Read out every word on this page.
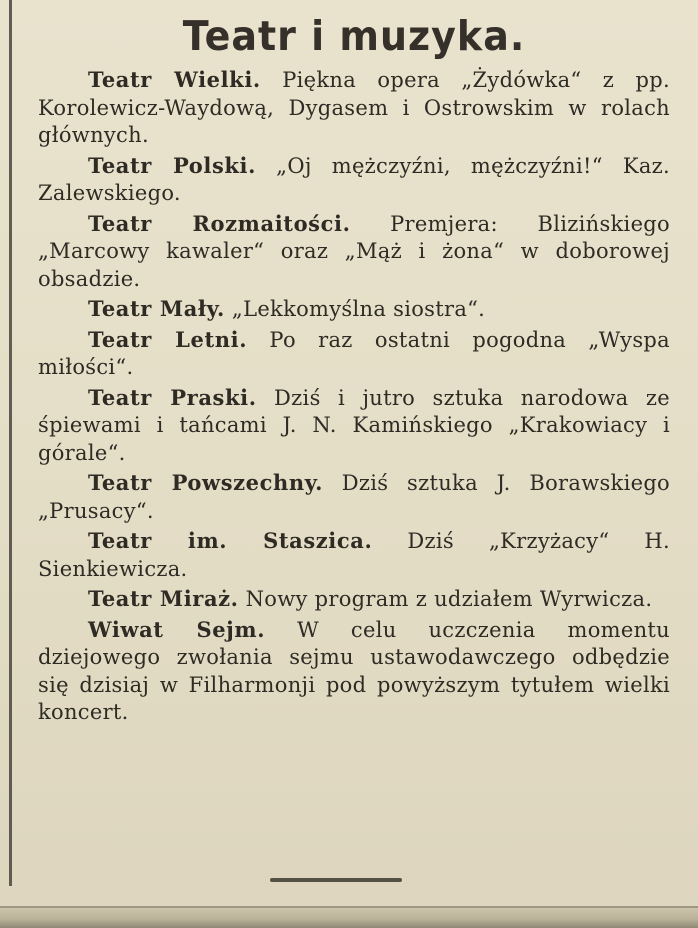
Teatr i muzyka.

Teatr Wielki. Piękna opera „Żydówka“ z pp. Korolewicz-Waydową, Dygasem i Ostrowskim w rolach głównych.

Teatr Polski. „Oj mężczyźni, mężczyźni!“ Kaz. Zalewskiego.

Teatr Rozmaitości. Premjera: Blizińskiego „Marcowy kawaler“ oraz „Mąż i żona“ w doborowej obsadzie.

Teatr Mały. „Lekkomyślna siostra“.

Teatr Letni. Po raz ostatni pogodna „Wyspa miłości“.

Teatr Praski. Dziś i jutro sztuka narodowa ze śpiewami i tańcami J. N. Kamińskiego „Krakowiacy i górale“.

Teatr Powszechny. Dziś sztuka J. Borawskiego „Prusacy“.

Teatr im. Staszica. Dziś „Krzyżacy“ H. Sienkiewicza.

Teatr Miraż. Nowy program z udziałem Wyrwicza.

Wiwat Sejm. W celu uczczenia momentu dziejowego zwołania sejmu ustawodawczego odbędzie się dzisiaj w Filharmonji pod powyższym tytułem wielki koncert.
